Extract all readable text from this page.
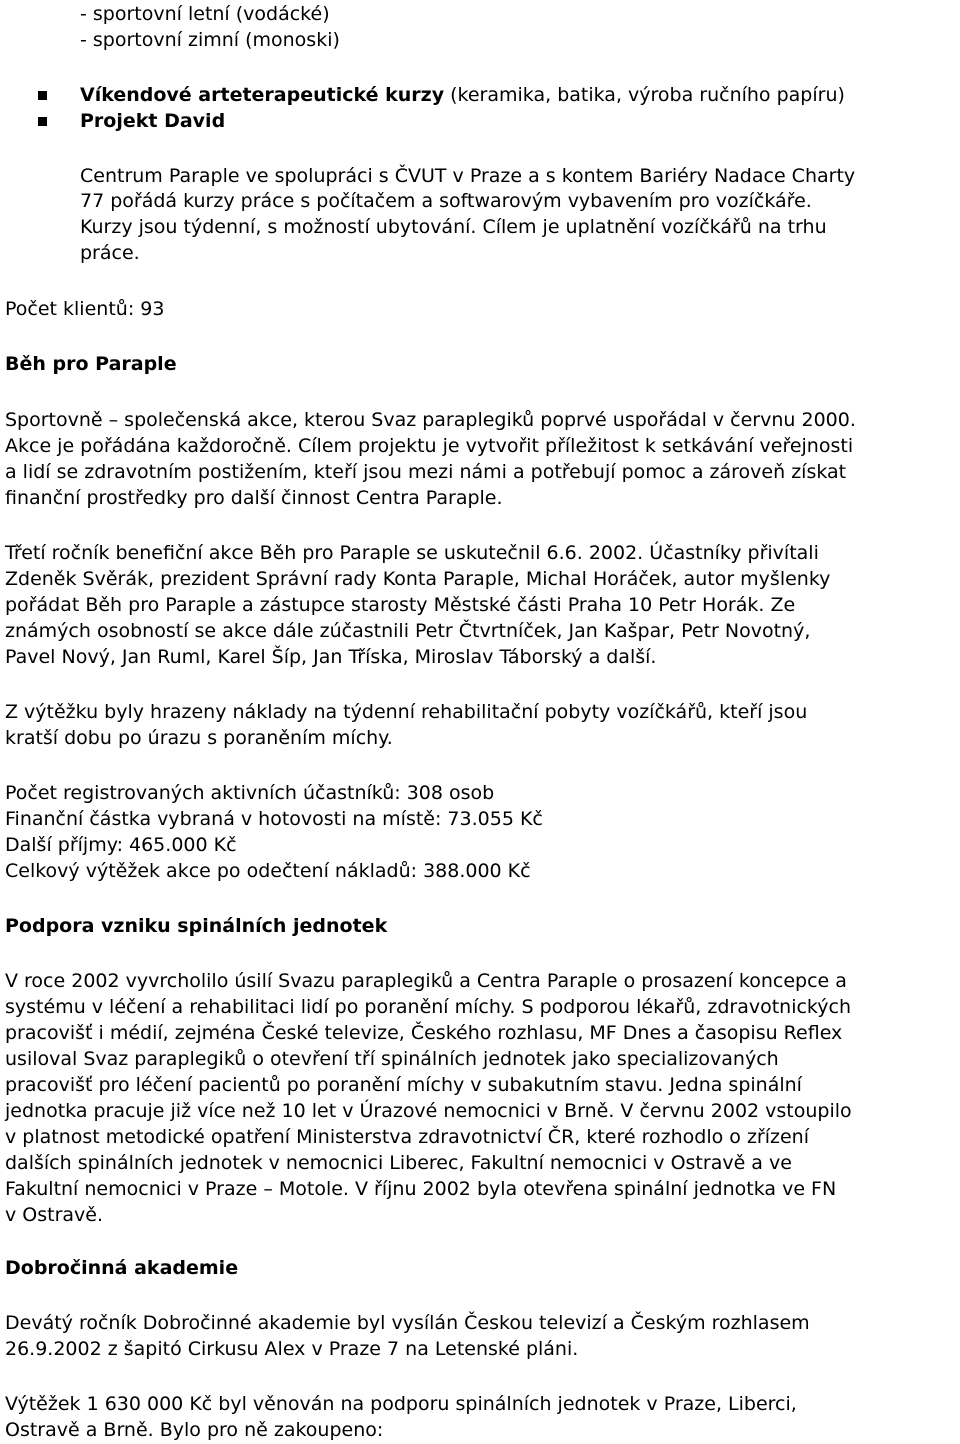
- sportovní letní (vodácké)
- sportovní zimní (monoski)
Víkendové arteterapeutické kurzy (keramika, batika, výroba ručního papíru)
Projekt David
Centrum Paraple ve spolupráci s ČVUT v Praze a s kontem Bariéry Nadace Charty
77 pořádá kurzy práce s počítačem a softwarovým vybavením pro vozíčkáře.
Kurzy jsou týdenní, s možností ubytování. Cílem je uplatnění vozíčkářů na trhu
práce.
Počet klientů: 93
Běh pro Paraple
Sportovně – společenská akce, kterou Svaz paraplegiků poprvé uspořádal v červnu 2000.
Akce je pořádána každoročně. Cílem projektu je vytvořit příležitost k setkávání veřejnosti
a lidí se zdravotním postižením, kteří jsou mezi námi a potřebují pomoc a zároveň získat
finanční prostředky pro další činnost Centra Paraple.
Třetí ročník benefiční akce Běh pro Paraple se uskutečnil 6.6. 2002. Účastníky přivítali
Zdeněk Svěrák, prezident Správní rady Konta Paraple, Michal Horáček, autor myšlenky
pořádat Běh pro Paraple a zástupce starosty Městské části Praha 10 Petr Horák. Ze
známých osobností se akce dále zúčastnili Petr Čtvrtníček, Jan Kašpar, Petr Novotný,
Pavel Nový, Jan Ruml, Karel Šíp, Jan Tříska, Miroslav Táborský a další.
Z výtěžku byly hrazeny náklady na týdenní rehabilitační pobyty vozíčkářů, kteří jsou
kratší dobu po úrazu s poraněním míchy.
Počet registrovaných aktivních účastníků: 308 osob
Finanční částka vybraná v hotovosti na místě: 73.055 Kč
Další příjmy: 465.000 Kč
Celkový výtěžek akce po odečtení nákladů: 388.000 Kč
Podpora vzniku spinálních jednotek
V roce 2002 vyvrcholilo úsilí Svazu paraplegiků a Centra Paraple o prosazení koncepce a
systému v léčení a rehabilitaci lidí po poranění míchy. S podporou lékařů, zdravotnických
pracovišť i médií, zejména České televize, Českého rozhlasu, MF Dnes a časopisu Reflex
usiloval Svaz paraplegiků o otevření tří spinálních jednotek jako specializovaných
pracovišť pro léčení pacientů po poranění míchy v subakutním stavu. Jedna spinální
jednotka pracuje již více než 10 let v Úrazové nemocnici v Brně. V červnu 2002 vstoupilo
v platnost metodické opatření Ministerstva zdravotnictví ČR, které rozhodlo o zřízení
dalších spinálních jednotek v nemocnici Liberec, Fakultní nemocnici v Ostravě a ve
Fakultní nemocnici v Praze – Motole. V říjnu 2002 byla otevřena spinální jednotka ve FN
v Ostravě.
Dobročinná akademie
Devátý ročník Dobročinné akademie byl vysílán Českou televizí a Českým rozhlasem
26.9.2002 z šapitó Cirkusu Alex v Praze 7 na Letenské pláni.
Výtěžek 1 630 000 Kč byl věnován na podporu spinálních jednotek v Praze, Liberci,
Ostravě a Brně. Bylo pro ně zakoupeno:
